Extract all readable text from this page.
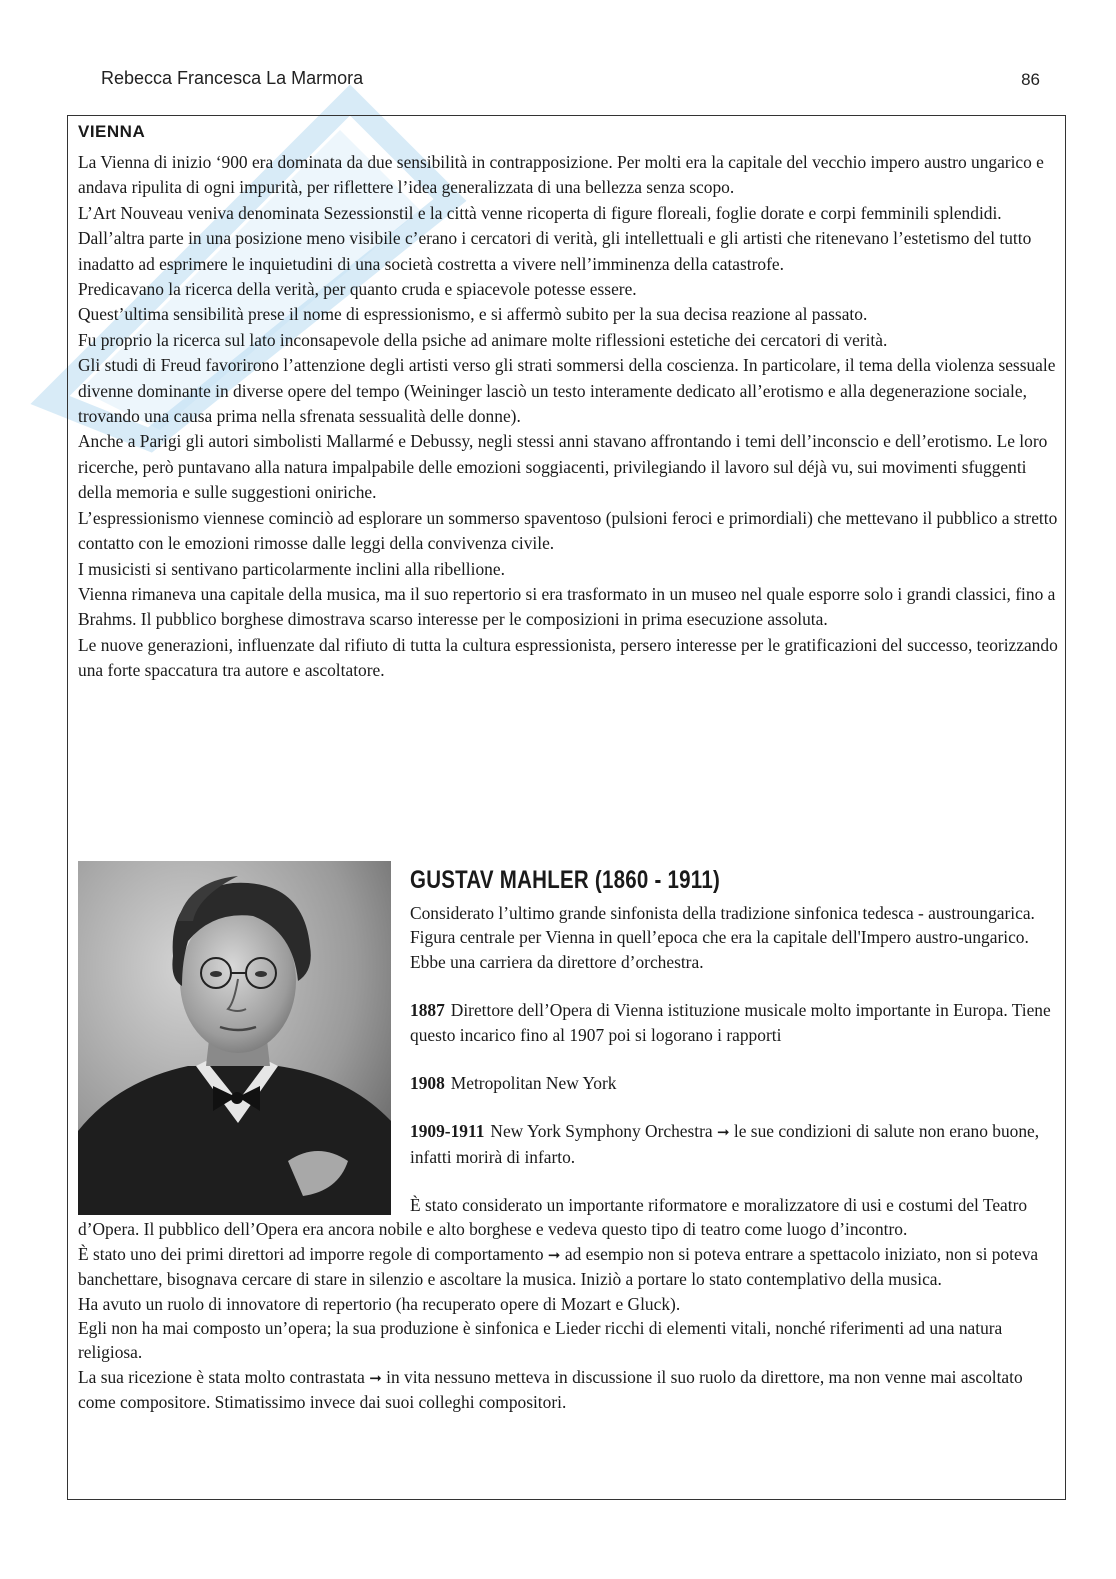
Rebecca Francesca La Marmora	86
VIENNA

La Vienna di inizio ‘900 era dominata da due sensibilità in contrapposizione. Per molti era la capitale del vecchio impero austro ungarico e andava ripulita di ogni impurità, per riflettere l’idea generalizzata di una bellezza senza scopo.

L’Art Nouveau veniva denominata Sezessionstil e la città venne ricoperta di figure floreali, foglie dorate e corpi femminili splendidi.

Dall’altra parte in una posizione meno visibile c’erano i cercatori di verità, gli intellettuali e gli artisti che ritenevano l’estetismo del tutto inadatto ad esprimere le inquietudini di una società costretta a vivere nell’imminenza della catastrofe.

Predicavano la ricerca della verità, per quanto cruda e spiacevole potesse essere.

Quest’ultima sensibilità prese il nome di espressionismo, e si affermò subito per la sua decisa reazione al passato.

Fu proprio la ricerca sul lato inconsapevole della psiche ad animare molte riflessioni estetiche dei cercatori di verità.

Gli studi di Freud favorirono l’attenzione degli artisti verso gli strati sommersi della coscienza. In particolare, il tema della violenza sessuale divenne dominante in diverse opere del tempo (Weininger lasciò un testo interamente dedicato all’erotismo e alla degenerazione sociale, trovando una causa prima nella sfrenata sessualità delle donne).

Anche a Parigi gli autori simbolisti Mallarmé e Debussy, negli stessi anni stavano affrontando i temi dell’inconscio e dell’erotismo. Le loro ricerche, però puntavano alla natura impalpabile delle emozioni soggiacenti, privilegiando il lavoro sul déjà vu, sui movimenti sfuggenti della memoria e sulle suggestioni oniriche.

L’espressionismo viennese cominciò ad esplorare un sommerso spaventoso (pulsioni feroci e primordiali) che mettevano il pubblico a stretto contatto con le emozioni rimosse dalle leggi della convivenza civile.

I musicisti si sentivano particolarmente inclini alla ribellione.

Vienna rimaneva una capitale della musica, ma il suo repertorio si era trasformato in un museo nel quale esporre solo i grandi classici, fino a Brahms. Il pubblico borghese dimostrava scarso interesse per le composizioni in prima esecuzione assoluta.

Le nuove generazioni, influenzate dal rifiuto di tutta la cultura espressionista, persero interesse per le gratificazioni del successo, teorizzando una forte spaccatura tra autore e ascoltatore.

GUSTAV MAHLER (1860 - 1911)

Considerato l’ultimo grande sinfonista della tradizione sinfonica tedesca - austroungarica. Figura centrale per Vienna in quell’epoca che era la capitale dell'Impero austro-ungarico.

Ebbe una carriera da direttore d’orchestra.

1887 Direttore dell’Opera di Vienna istituzione musicale molto importante in Europa. Tiene questo incarico fino al 1907 poi si logorano i rapporti

1908 Metropolitan New York

1909-1911 New York Symphony Orchestra ➞ le sue condizioni di salute non erano buone, infatti morirà di infarto.

È stato considerato un importante riformatore e moralizzatore di usi e costumi del Teatro d’Opera. Il pubblico dell’Opera era ancora nobile e alto borghese e vedeva questo tipo di teatro come luogo d’incontro.

È stato uno dei primi direttori ad imporre regole di comportamento ➞ ad esempio non si poteva entrare a spettacolo iniziato, non si poteva banchettare, bisognava cercare di stare in silenzio e ascoltare la musica. Iniziò a portare lo stato contemplativo della musica.

Ha avuto un ruolo di innovatore di repertorio (ha recuperato opere di Mozart e Gluck).

Egli non ha mai composto un’opera; la sua produzione è sinfonica e Lieder ricchi di elementi vitali, nonché riferimenti ad una natura religiosa.

La sua ricezione è stata molto contrastata ➞ in vita nessuno metteva in discussione il suo ruolo da direttore, ma non venne mai ascoltato come compositore. Stimatissimo invece dai suoi colleghi compositori.
